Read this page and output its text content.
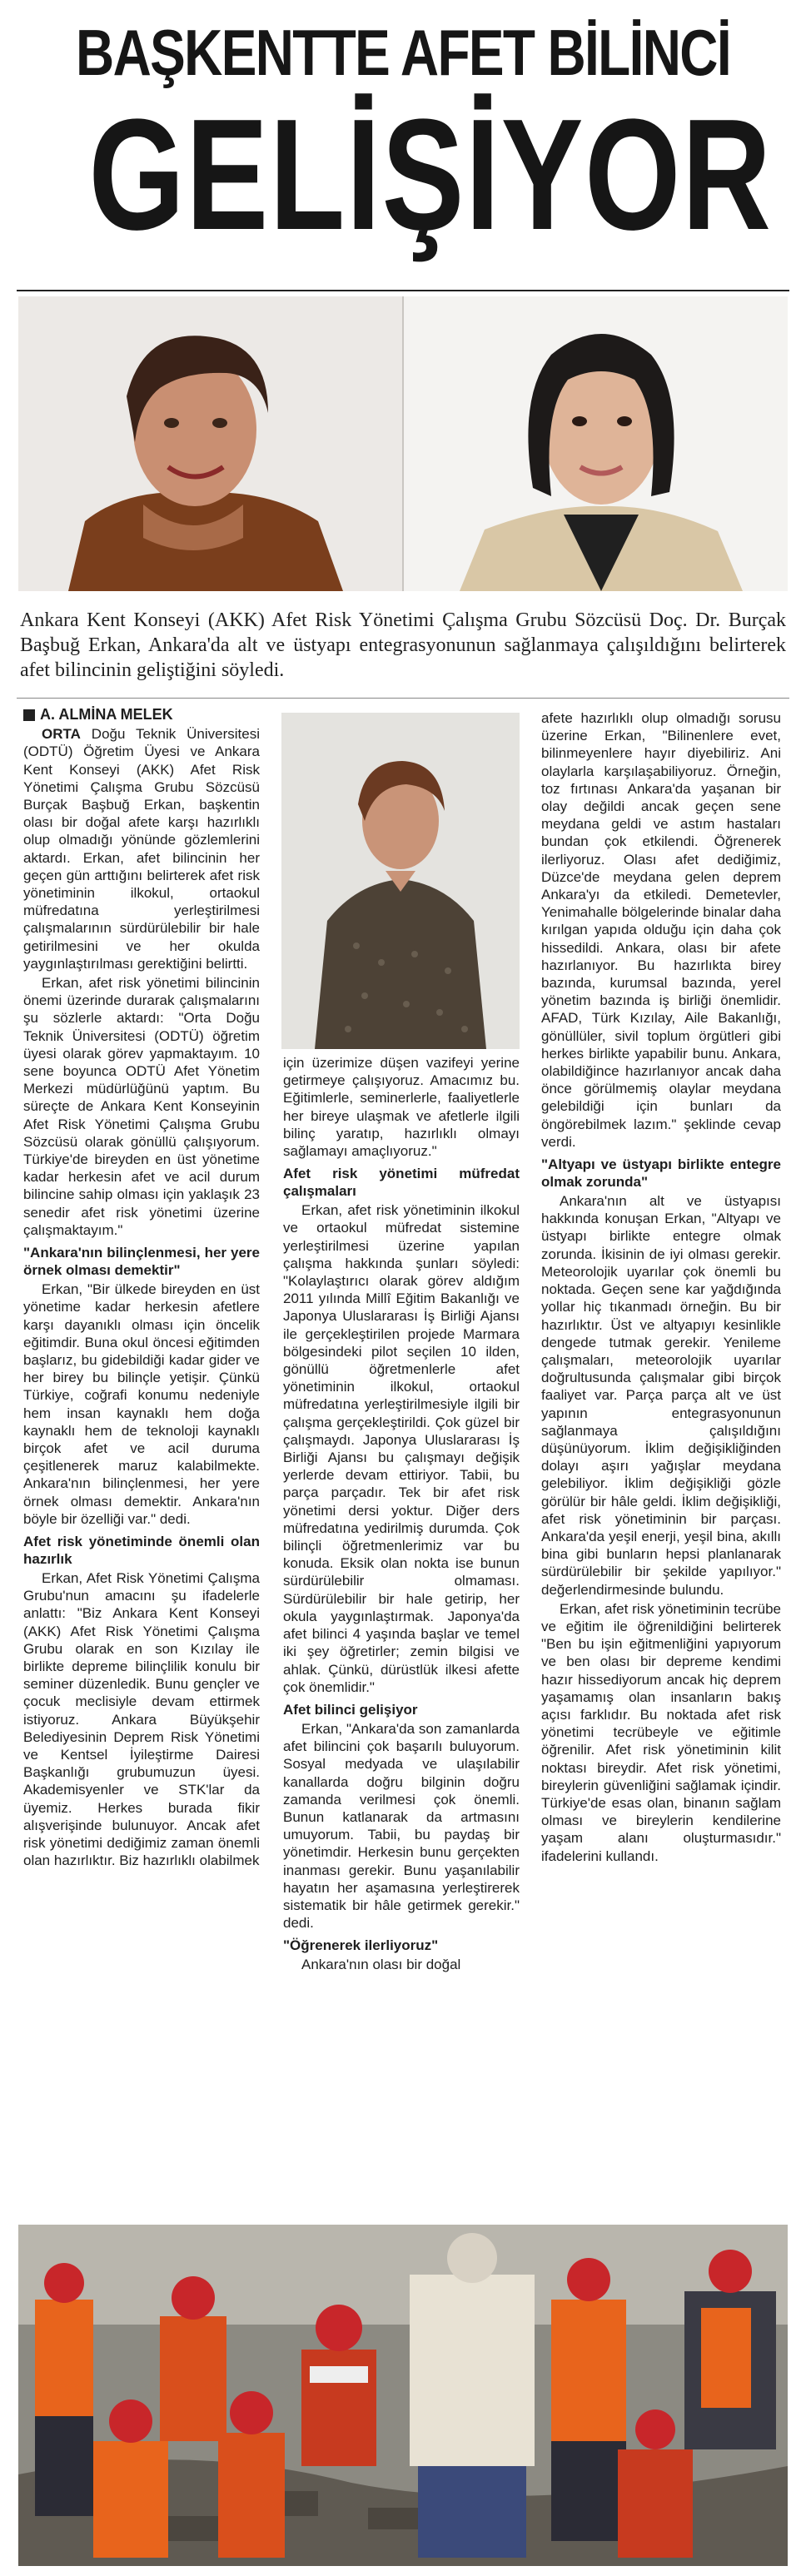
BAŞKENTTE AFET BİLİNCİ
GELİŞİYOR

Ankara Kent Konseyi (AKK) Afet Risk Yönetimi Çalışma Grubu Sözcüsü Doç. Dr. Burçak Başbuğ Erkan, Ankara'da alt ve üstyapı entegrasyonunun sağlanmaya çalışıldığını belirterek afet bilincinin geliştiğini söyledi.

A. ALMİNA MELEK

ORTA Doğu Teknik Üniversitesi (ODTÜ) Öğretim Üyesi ve Ankara Kent Konseyi (AKK) Afet Risk Yönetimi Çalışma Grubu Sözcüsü Burçak Başbuğ Erkan, başkentin olası bir doğal afete karşı hazırlıklı olup olmadığı yönünde gözlemlerini aktardı. Erkan, afet bilincinin her geçen gün arttığını belirterek afet risk yönetiminin ilkokul, ortaokul müfredatına yerleştirilmesi çalışmalarının sürdürülebilir bir hale getirilmesini ve her okulda yaygınlaştırılması gerektiğini belirtti.

Erkan, afet risk yönetimi bilincinin önemi üzerinde durarak çalışmalarını şu sözlerle aktardı: "Orta Doğu Teknik Üniversitesi (ODTÜ) öğretim üyesi olarak görev yapmaktayım. 10 sene boyunca ODTÜ Afet Yönetim Merkezi müdürlüğünü yaptım. Bu süreçte de Ankara Kent Konseyinin Afet Risk Yönetimi Çalışma Grubu Sözcüsü olarak gönüllü çalışıyorum. Türkiye'de bireyden en üst yönetime kadar herkesin afet ve acil durum bilincine sahip olması için yaklaşık 23 senedir afet risk yönetimi üzerine çalışmaktayım."

"Ankara'nın bilinçlenmesi, her yere örnek olması demektir"

Erkan, "Bir ülkede bireyden en üst yönetime kadar herkesin afetlere karşı dayanıklı olması için öncelik eğitimdir. Buna okul öncesi eğitimden başlarız, bu gidebildiği kadar gider ve her birey bu bilinçle yetişir. Çünkü Türkiye, coğrafi konumu nedeniyle hem insan kaynaklı hem doğa kaynaklı hem de teknoloji kaynaklı birçok afet ve acil duruma çeşitlenerek maruz kalabilmekte. Ankara'nın bilinçlenmesi, her yere örnek olması demektir. Ankara'nın böyle bir özelliği var." dedi.

Afet risk yönetiminde önemli olan hazırlık

Erkan, Afet Risk Yönetimi Çalışma Grubu'nun amacını şu ifadelerle anlattı: "Biz Ankara Kent Konseyi (AKK) Afet Risk Yönetimi Çalışma Grubu olarak en son Kızılay ile birlikte depreme bilinçlilik konulu bir seminer düzenledik. Bunu gençler ve çocuk meclisiyle devam ettirmek istiyoruz. Ankara Büyükşehir Belediyesinin Deprem Risk Yönetimi ve Kentsel İyileştirme Dairesi Başkanlığı grubumuzun üyesi. Akademisyenler ve STK'lar da üyemiz. Herkes burada fikir alışverişinde bulunuyor. Ancak afet risk yönetimi dediğimiz zaman önemli olan hazırlıktır. Biz hazırlıklı olabilmek

için üzerimize düşen vazifeyi yerine getirmeye çalışıyoruz. Amacımız bu. Eğitimlerle, seminerlerle, faaliyetlerle her bireye ulaşmak ve afetlerle ilgili bilinç yaratıp, hazırlıklı olmayı sağlamayı amaçlıyoruz."

Afet risk yönetimi müfredat çalışmaları

Erkan, afet risk yönetiminin ilkokul ve ortaokul müfredat sistemine yerleştirilmesi üzerine yapılan çalışma hakkında şunları söyledi: "Kolaylaştırıcı olarak görev aldığım 2011 yılında Millî Eğitim Bakanlığı ve Japonya Uluslararası İş Birliği Ajansı ile gerçekleştirilen projede Marmara bölgesindeki pilot seçilen 10 ilden, gönüllü öğretmenlerle afet yönetiminin ilkokul, ortaokul müfredatına yerleştirilmesiyle ilgili bir çalışma gerçekleştirildi. Çok güzel bir çalışmaydı. Japonya Uluslararası İş Birliği Ajansı bu çalışmayı değişik yerlerde devam ettiriyor. Tabii, bu parça parçadır. Tek bir afet risk yönetimi dersi yoktur. Diğer ders müfredatına yedirilmiş durumda. Çok bilinçli öğretmenlerimiz var bu konuda. Eksik olan nokta ise bunun sürdürülebilir olmaması. Sürdürülebilir bir hale getirip, her okula yaygınlaştırmak. Japonya'da afet bilinci 4 yaşında başlar ve temel iki şey öğretirler; zemin bilgisi ve ahlak. Çünkü, dürüstlük ilkesi afette çok önemlidir."

Afet bilinci gelişiyor

Erkan, "Ankara'da son zamanlarda afet bilincini çok başarılı buluyorum. Sosyal medyada ve ulaşılabilir kanallarda doğru bilginin doğru zamanda verilmesi çok önemli. Bunun katlanarak da artmasını umuyorum. Tabii, bu paydaş bir yönetimdir. Herkesin bunu gerçekten inanması gerekir. Bunu yaşanılabilir hayatın her aşamasına yerleştirerek sistematik bir hâle getirmek gerekir." dedi.

"Öğrenerek ilerliyoruz"

Ankara'nın olası bir doğal

afete hazırlıklı olup olmadığı sorusu üzerine Erkan, "Bilinenlere evet, bilinmeyenlere hayır diyebiliriz. Ani olaylarla karşılaşabiliyoruz. Örneğin, toz fırtınası Ankara'da yaşanan bir olay değildi ancak geçen sene meydana geldi ve astım hastaları bundan çok etkilendi. Öğrenerek ilerliyoruz. Olası afet dediğimiz, Düzce'de meydana gelen deprem Ankara'yı da etkiledi. Demetevler, Yenimahalle bölgelerinde binalar daha kırılgan yapıda olduğu için daha çok hissedildi. Ankara, olası bir afete hazırlanıyor. Bu hazırlıkta birey bazında, kurumsal bazında, yerel yönetim bazında iş birliği önemlidir. AFAD, Türk Kızılay, Aile Bakanlığı, gönüllüler, sivil toplum örgütleri gibi herkes birlikte yapabilir bunu. Ankara, olabildiğince hazırlanıyor ancak daha önce görülmemiş olaylar meydana gelebildiği için bunları da öngörebilmek lazım." şeklinde cevap verdi.

"Altyapı ve üstyapı birlikte entegre olmak zorunda"

Ankara'nın alt ve üstyapısı hakkında konuşan Erkan, "Altyapı ve üstyapı birlikte entegre olmak zorunda. İkisinin de iyi olması gerekir. Meteorolojik uyarılar çok önemli bu noktada. Geçen sene kar yağdığında yollar hiç tıkanmadı örneğin. Bu bir hazırlıktır. Üst ve altyapıyı kesinlikle dengede tutmak gerekir. Yenileme çalışmaları, meteorolojik uyarılar doğrultusunda çalışmalar gibi birçok faaliyet var. Parça parça alt ve üst yapının entegrasyonunun sağlanmaya çalışıldığını düşünüyorum. İklim değişikliğinden dolayı aşırı yağışlar meydana gelebiliyor. İklim değişikliği gözle görülür bir hâle geldi. İklim değişikliği, afet risk yönetiminin bir parçası. Ankara'da yeşil enerji, yeşil bina, akıllı bina gibi bunların hepsi planlanarak sürdürülebilir bir şekilde yapılıyor." değerlendirmesinde bulundu.

Erkan, afet risk yönetiminin tecrübe ve eğitim ile öğrenildiğini belirterek "Ben bu işin eğitmenliğini yapıyorum ve ben olası bir depreme kendimi hazır hissediyorum ancak hiç deprem yaşamamış olan insanların bakış açısı farklıdır. Bu noktada afet risk yönetimi tecrübeyle ve eğitimle öğrenilir. Afet risk yönetiminin kilit noktası bireydir. Afet risk yönetimi, bireylerin güvenliğini sağlamak içindir. Türkiye'de esas olan, binanın sağlam olması ve bireylerin kendilerine yaşam alanı oluşturmasıdır." ifadelerini kullandı.
